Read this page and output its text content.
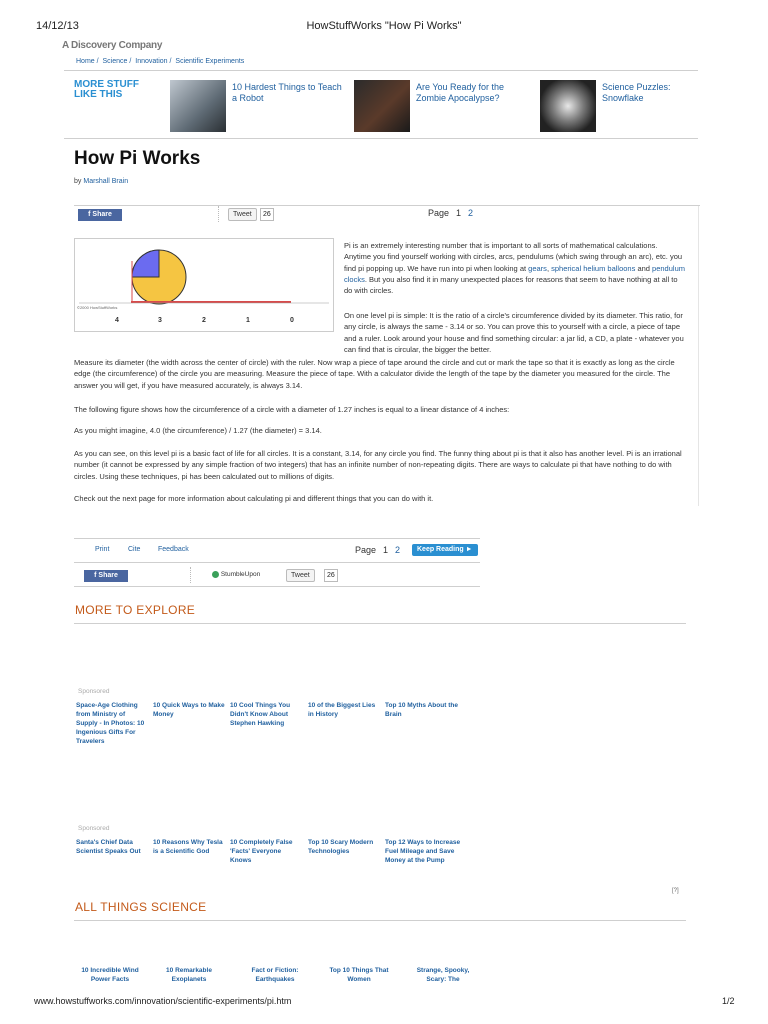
14/12/13	HowStuffWorks "How Pi Works"
A Discovery Company
Home / Science / Innovation / Scientific Experiments
MORE STUFF LIKE THIS
10 Hardest Things to Teach a Robot
Are You Ready for the Zombie Apocalypse?
Science Puzzles: Snowflake
How Pi Works
by Marshall Brain
f Share	Tweet	26	Page 1 2
©2000 HowStuffWorks
4	3	2	1	0
Pi is an extremely interesting number that is important to all sorts of mathematical calculations. Anytime you find yourself working with circles, arcs, pendulums (which swing through an arc), etc. you find pi popping up. We have run into pi when looking at gears, spherical helium balloons and pendulum clocks. But you also find it in many unexpected places for reasons that seem to have nothing at all to do with circles.
On one level pi is simple: It is the ratio of a circle's circumference divided by its diameter. This ratio, for any circle, is always the same - 3.14 or so. You can prove this to yourself with a circle, a piece of tape and a ruler. Look around your house and find something circular: a jar lid, a CD, a plate - whatever you can find that is circular, the bigger the better.
Measure its diameter (the width across the center of circle) with the ruler. Now wrap a piece of tape around the circle and cut or mark the tape so that it is exactly as long as the circle edge (the circumference) of the circle you are measuring. Measure the piece of tape. With a calculator divide the length of the tape by the diameter you measured for the circle. The answer you will get, if you have measured accurately, is always 3.14.
The following figure shows how the circumference of a circle with a diameter of 1.27 inches is equal to a linear distance of 4 inches:
As you might imagine, 4.0 (the circumference) / 1.27 (the diameter) = 3.14.
As you can see, on this level pi is a basic fact of life for all circles. It is a constant, 3.14, for any circle you find. The funny thing about pi is that it also has another level. Pi is an irrational number (it cannot be expressed by any simple fraction of two integers) that has an infinite number of non-repeating digits. There are ways to calculate pi that have nothing to do with circles. Using these techniques, pi has been calculated out to millions of digits.
Check out the next page for more information about calculating pi and different things that you can do with it.
Print	Cite	Feedback	Page 1 2	Keep Reading ►
f Share	StumbleUpon	Tweet	26
MORE TO EXPLORE
Sponsored
Space-Age Clothing from Ministry of Supply - In Photos: 10 Ingenious Gifts For Travelers
10 Quick Ways to Make Money
10 Cool Things You Didn't Know About Stephen Hawking
10 of the Biggest Lies in History
Top 10 Myths About the Brain
Sponsored
Santa's Chief Data Scientist Speaks Out
10 Reasons Why Tesla is a Scientific God
10 Completely False 'Facts' Everyone Knows
Top 10 Scary Modern Technologies
Top 12 Ways to Increase Fuel Mileage and Save Money at the Pump
[?]
ALL THINGS SCIENCE
10 Incredible Wind Power Facts
10 Remarkable Exoplanets
Fact or Fiction: Earthquakes
Top 10 Things That Women
Strange, Spooky, Scary: The
www.howstuffworks.com/innovation/scientific-experiments/pi.htm	1/2
